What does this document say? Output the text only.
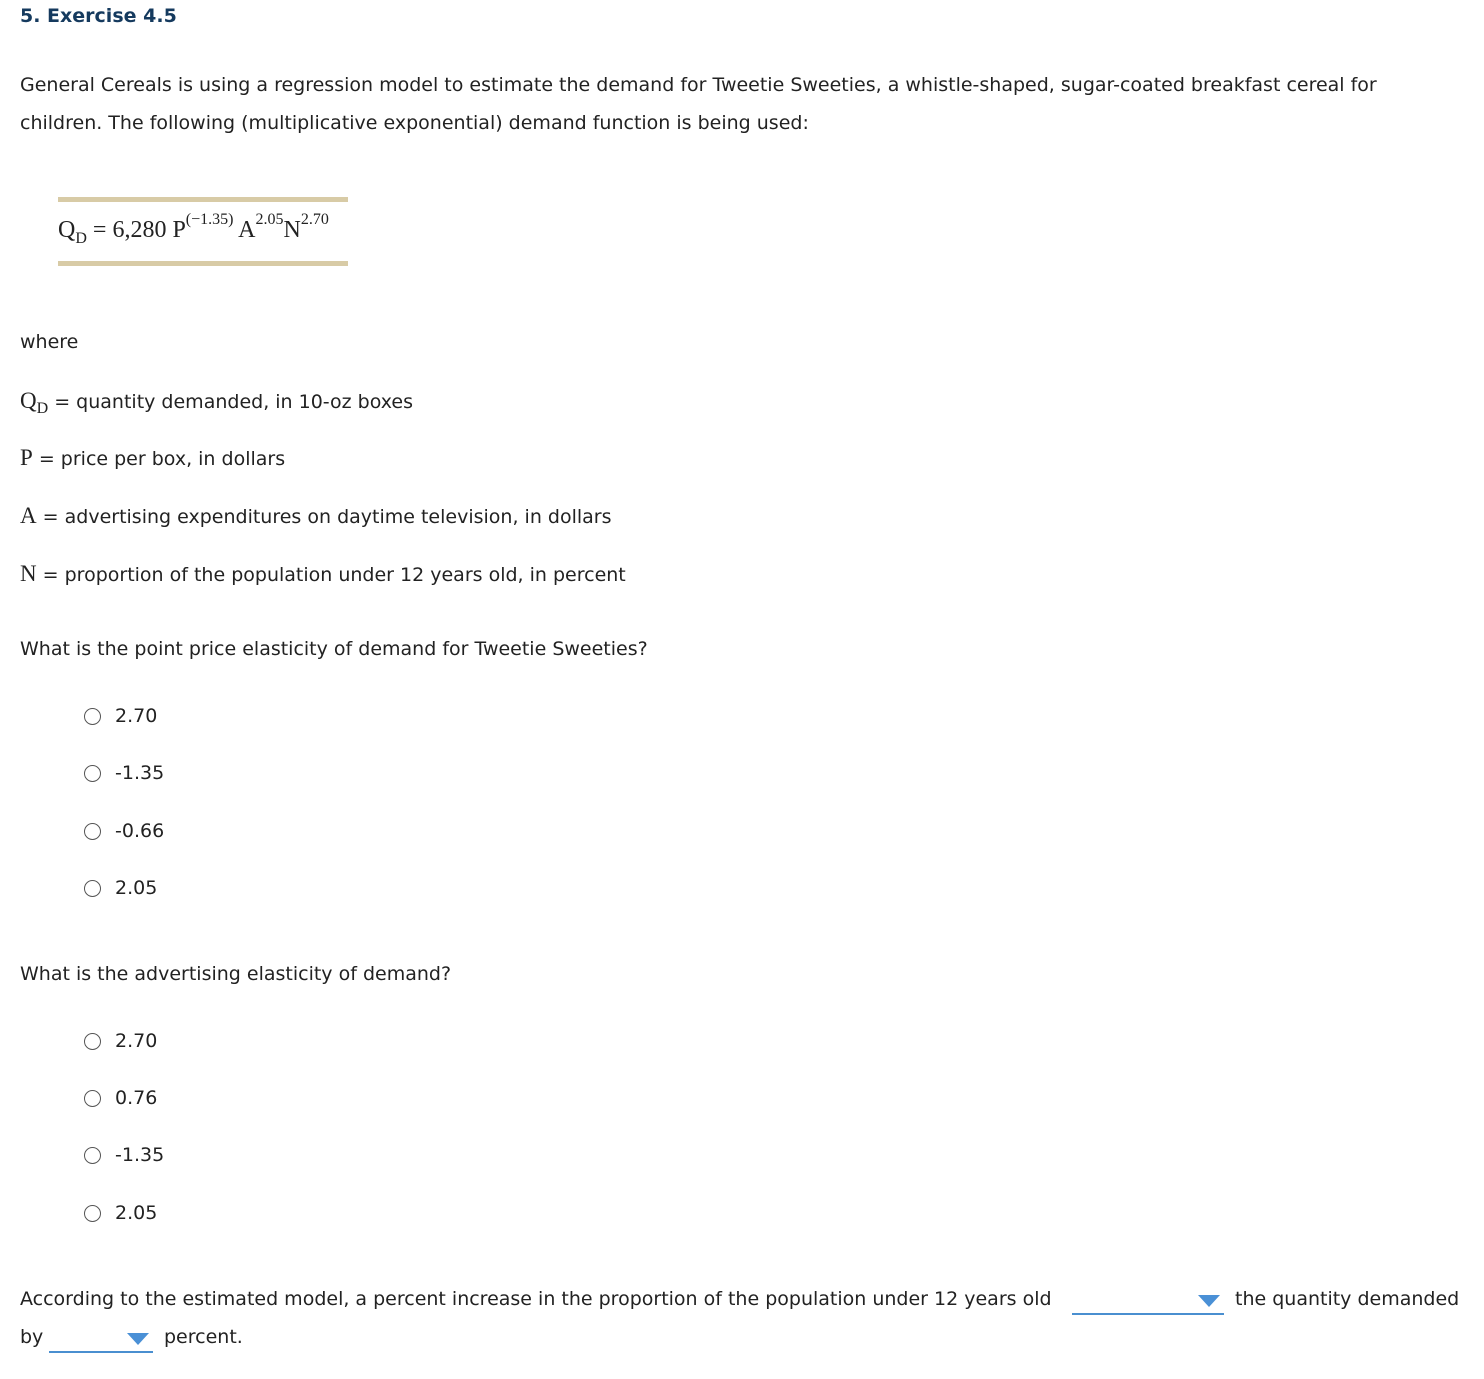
5. Exercise 4.5
General Cereals is using a regression model to estimate the demand for Tweetie Sweeties, a whistle-shaped, sugar-coated breakfast cereal for children. The following (multiplicative exponential) demand function is being used:
$Q_D = 6,280$ $P^{(-1.35)}$ $A^{2.05}N^{2.70}$
where
$Q_D$ = quantity demanded, in 10-oz boxes
P = price per box, in dollars
A = advertising expenditures on daytime television, in dollars
N = proportion of the population under 12 years old, in percent
What is the point price elasticity of demand for Tweetie Sweeties?
2.70
-1.35
-0.66
2.05
What is the advertising elasticity of demand?
2.70
0.76
-1.35
2.05
According to the estimated model, a percent increase in the proportion of the population under 12 years old	the quantity demanded
by	percent.
